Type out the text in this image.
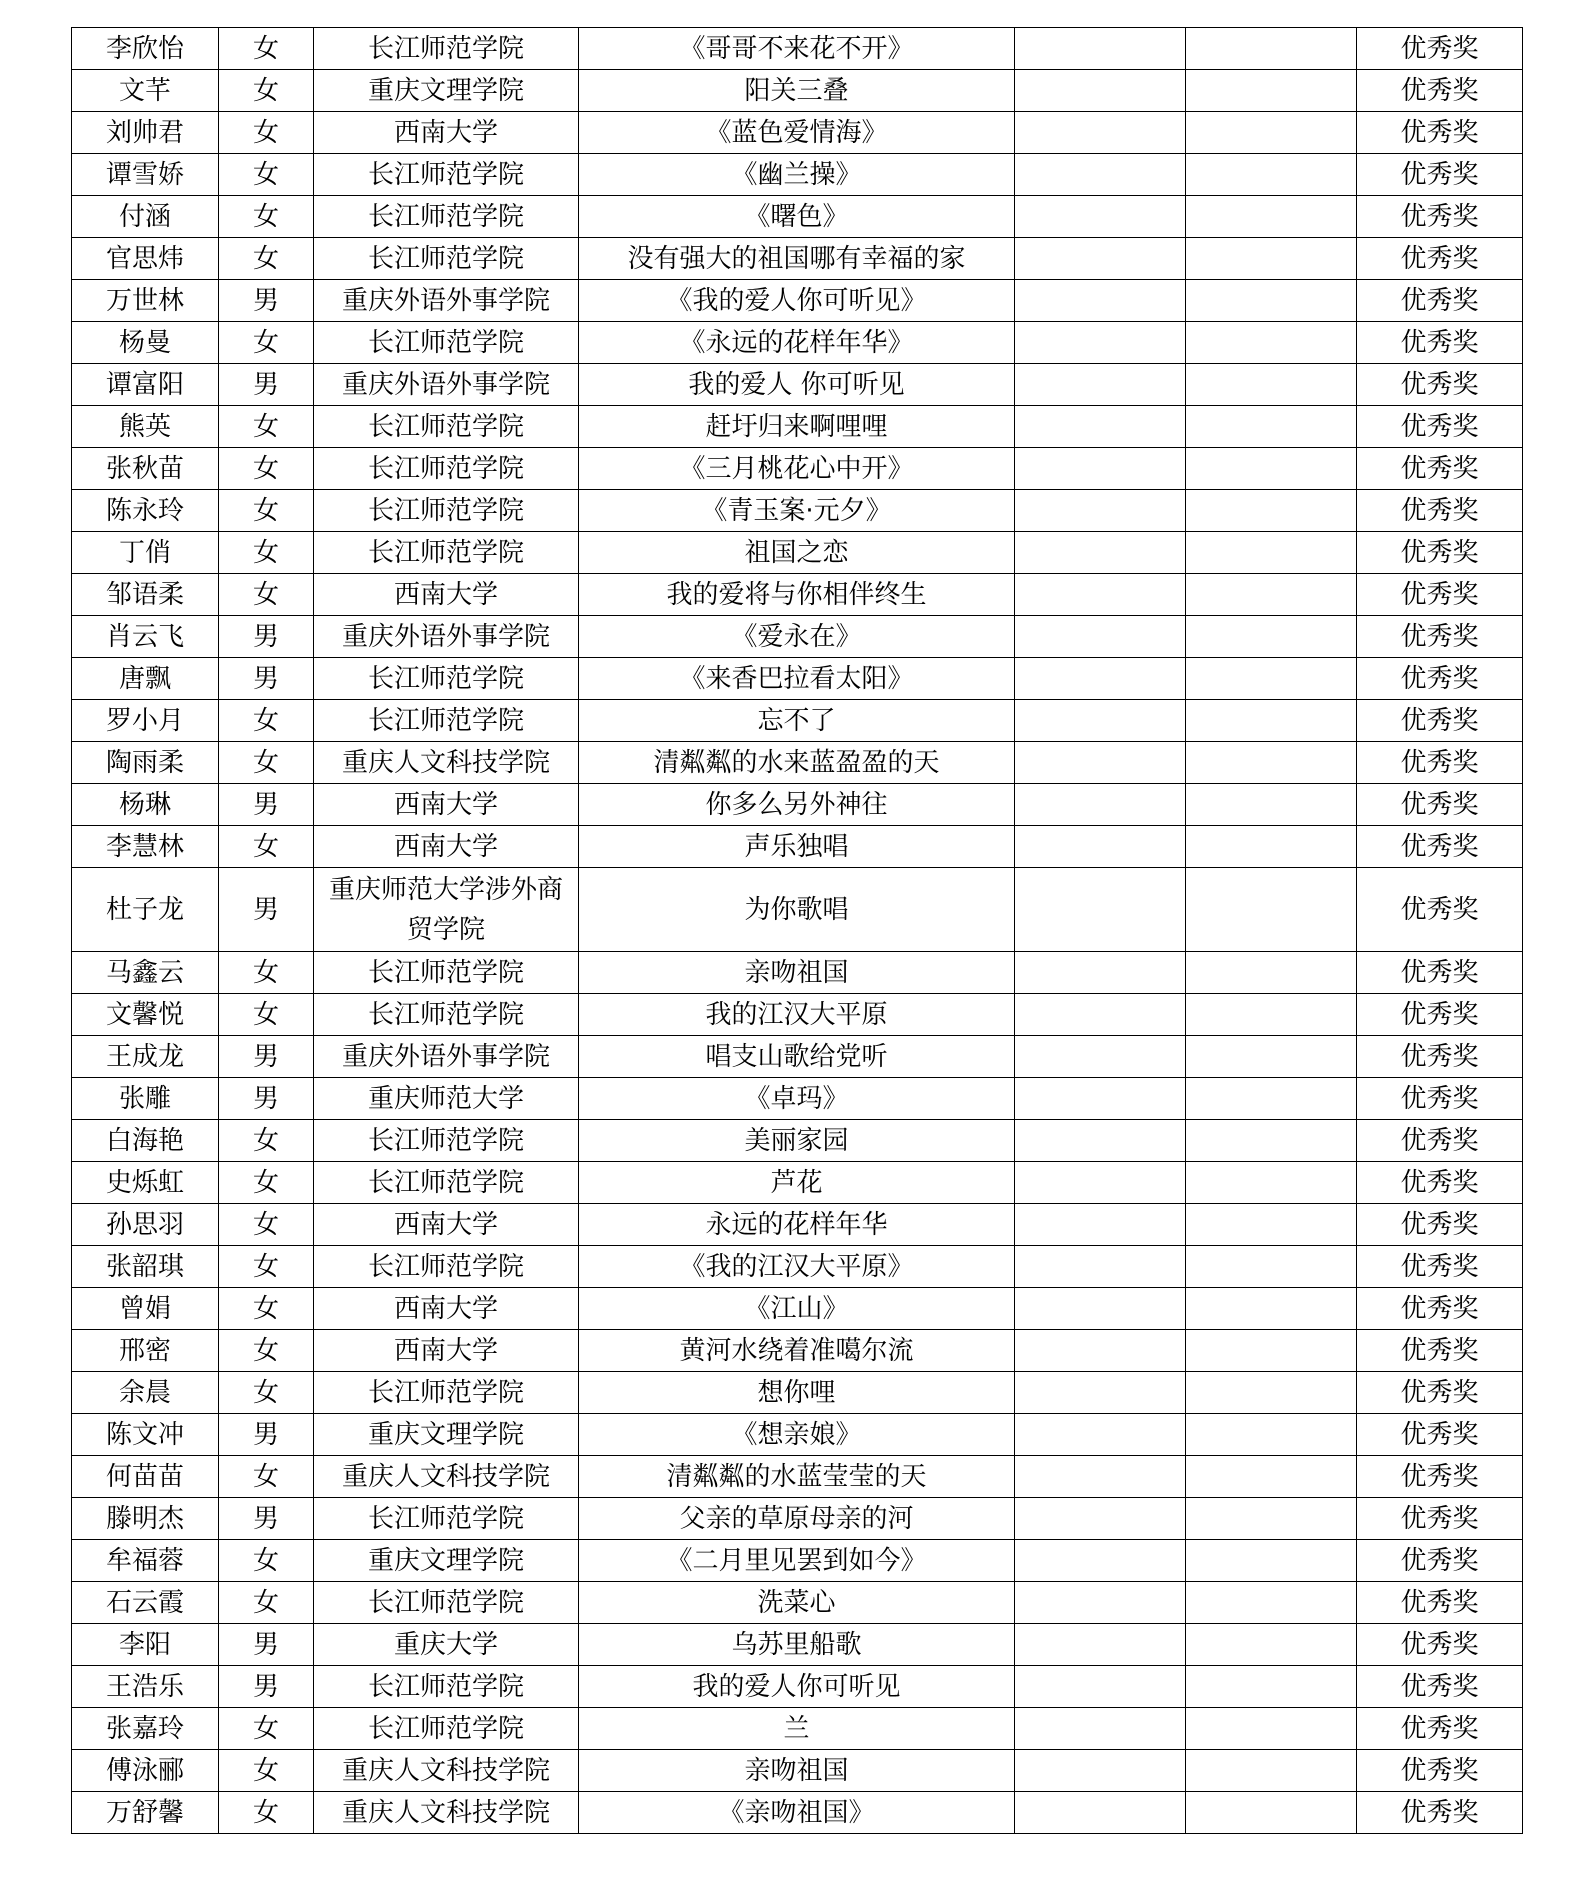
李欣怡	女	长江师范学院	《哥哥不来花不开》			优秀奖
文芊	女	重庆文理学院	阳关三叠			优秀奖
刘帅君	女	西南大学	《蓝色爱情海》			优秀奖
谭雪娇	女	长江师范学院	《幽兰操》			优秀奖
付涵	女	长江师范学院	《曙色》			优秀奖
官思炜	女	长江师范学院	没有强大的祖国哪有幸福的家			优秀奖
万世林	男	重庆外语外事学院	《我的爱人你可听见》			优秀奖
杨曼	女	长江师范学院	《永远的花样年华》			优秀奖
谭富阳	男	重庆外语外事学院	我的爱人 你可听见			优秀奖
熊英	女	长江师范学院	赶圩归来啊哩哩			优秀奖
张秋苗	女	长江师范学院	《三月桃花心中开》			优秀奖
陈永玲	女	长江师范学院	《青玉案·元夕》			优秀奖
丁俏	女	长江师范学院	祖国之恋			优秀奖
邹语柔	女	西南大学	我的爱将与你相伴终生			优秀奖
肖云飞	男	重庆外语外事学院	《爱永在》			优秀奖
唐飘	男	长江师范学院	《来香巴拉看太阳》			优秀奖
罗小月	女	长江师范学院	忘不了			优秀奖
陶雨柔	女	重庆人文科技学院	清粼粼的水来蓝盈盈的天			优秀奖
杨琳	男	西南大学	你多么另外神往			优秀奖
李慧林	女	西南大学	声乐独唱			优秀奖
杜子龙	男	重庆师范大学涉外商贸学院	为你歌唱			优秀奖
马鑫云	女	长江师范学院	亲吻祖国			优秀奖
文馨悦	女	长江师范学院	我的江汉大平原			优秀奖
王成龙	男	重庆外语外事学院	唱支山歌给党听			优秀奖
张雕	男	重庆师范大学	《卓玛》			优秀奖
白海艳	女	长江师范学院	美丽家园			优秀奖
史烁虹	女	长江师范学院	芦花			优秀奖
孙思羽	女	西南大学	永远的花样年华			优秀奖
张韶琪	女	长江师范学院	《我的江汉大平原》			优秀奖
曾娟	女	西南大学	《江山》			优秀奖
邢密	女	西南大学	黄河水绕着准噶尔流			优秀奖
余晨	女	长江师范学院	想你哩			优秀奖
陈文冲	男	重庆文理学院	《想亲娘》			优秀奖
何苗苗	女	重庆人文科技学院	清粼粼的水蓝莹莹的天			优秀奖
滕明杰	男	长江师范学院	父亲的草原母亲的河			优秀奖
牟福蓉	女	重庆文理学院	《二月里见罢到如今》			优秀奖
石云霞	女	长江师范学院	洗菜心			优秀奖
李阳	男	重庆大学	乌苏里船歌			优秀奖
王浩乐	男	长江师范学院	我的爱人你可听见			优秀奖
张嘉玲	女	长江师范学院	兰			优秀奖
傅泳郦	女	重庆人文科技学院	亲吻祖国			优秀奖
万舒馨	女	重庆人文科技学院	《亲吻祖国》			优秀奖
